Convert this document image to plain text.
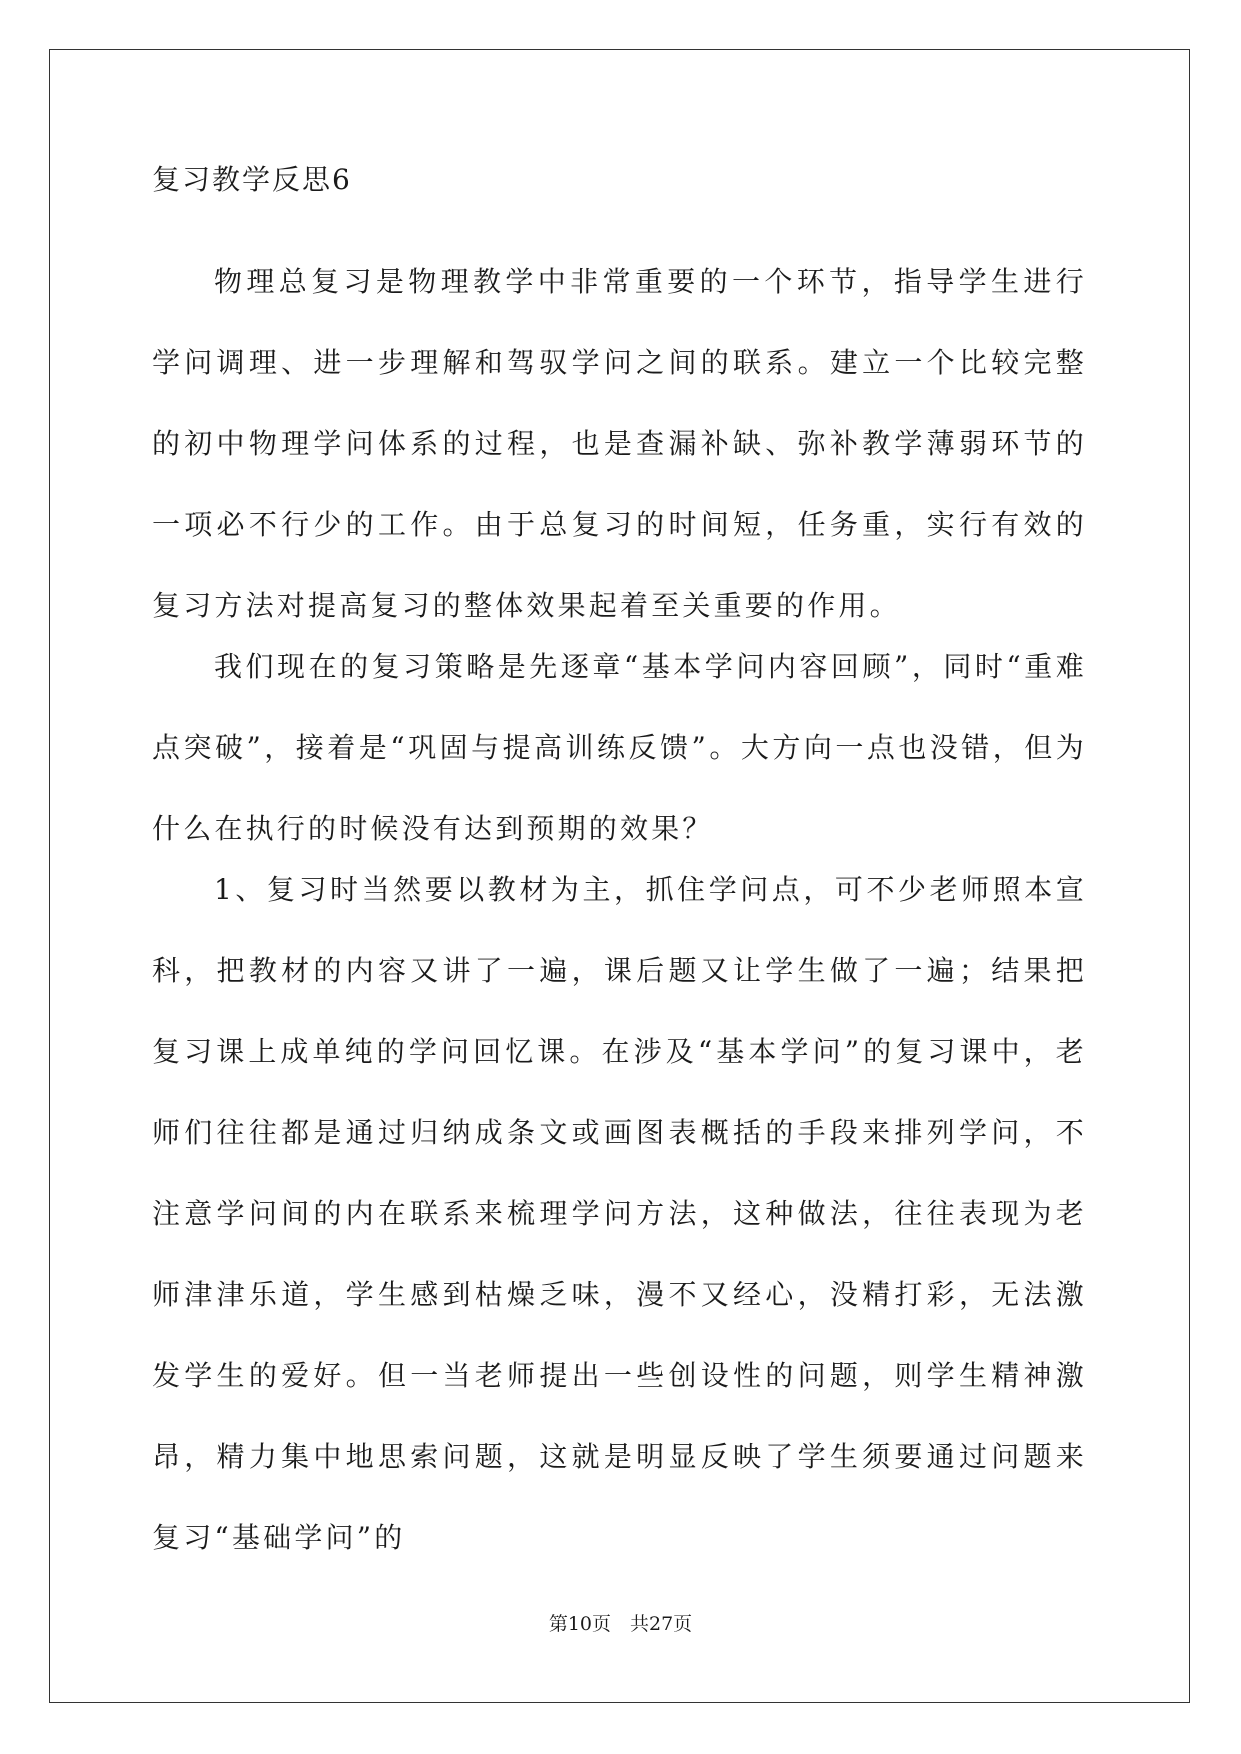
复习教学反思6

物理总复习是物理教学中非常重要的一个环节，指导学生进行学问调理、进一步理解和驾驭学问之间的联系。建立一个比较完整的初中物理学问体系的过程，也是查漏补缺、弥补教学薄弱环节的一项必不行少的工作。由于总复习的时间短，任务重，实行有效的复习方法对提高复习的整体效果起着至关重要的作用。

我们现在的复习策略是先逐章“基本学问内容回顾”，同时“重难点突破”，接着是“巩固与提高训练反馈”。大方向一点也没错，但为什么在执行的时候没有达到预期的效果？

1、复习时当然要以教材为主，抓住学问点，可不少老师照本宣科，把教材的内容又讲了一遍，课后题又让学生做了一遍；结果把复习课上成单纯的学问回忆课。在涉及“基本学问”的复习课中，老师们往往都是通过归纳成条文或画图表概括的手段来排列学问，不注意学问间的内在联系来梳理学问方法，这种做法，往往表现为老师津津乐道，学生感到枯燥乏味，漫不又经心，没精打彩，无法激发学生的爱好。但一当老师提出一些创设性的问题，则学生精神激昂，精力集中地思索问题，这就是明显反映了学生须要通过问题来复习“基础学问”的

第10页　共27页
